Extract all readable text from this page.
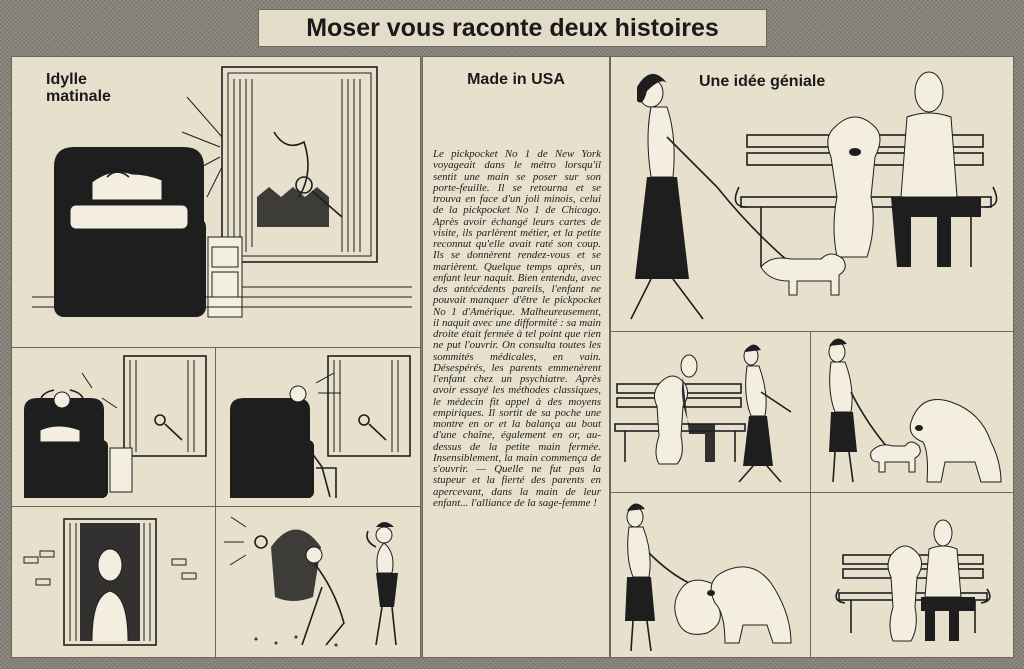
Moser vous raconte deux histoires
Idylle matinale
Made in USA
Le pickpocket No 1 de New York voyageait dans le métro lorsqu'il sentit une main se poser sur son porte-feuille. Il se retourna et se trouva en face d'un joli minois, celui de la pickpocket No 1 de Chicago. Après avoir échangé leurs cartes de visite, ils parlèrent métier, et la petite reconnut qu'elle avait raté son coup. Ils se donnèrent rendez-vous et se marièrent. Quelque temps après, un enfant leur naquit. Bien entendu, avec des antécédents pareils, l'enfant ne pouvait manquer d'être le pickpocket No 1 d'Amérique. Malheureusement, il naquit avec une difformité : sa main droite était fermée à tel point que rien ne put l'ouvrir. On consulta toutes les sommités médicales, en vain. Désespérés, les parents emmenèrent l'enfant chez un psychiatre. Après avoir essayé les méthodes classiques, le médecin fit appel à des moyens empiriques. Il sortit de sa poche une montre en or et la balança au bout d'une chaîne, également en or, au-dessus de la petite main fermée. Insensiblement, la main commença de s'ouvrir. — Quelle ne fut pas la stupeur et la fierté des parents en apercevant, dans la main de leur enfant... l'alliance de la sage-femme !
Une idée géniale
